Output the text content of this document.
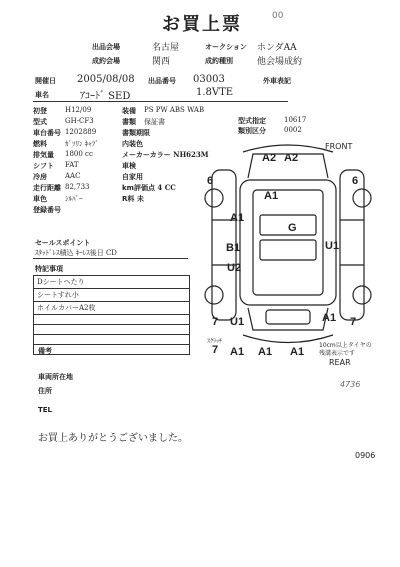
お買上票	00
出品会場	名古屋	オークション ホンダAA
成約会場	関西	成約種別	他会場成約
開催日 2005/08/08 出品番号 03003	外車表記
車名	ｱｺｰﾄﾞ SED	1.8VTE
初登	H12/09
型式	GH-CF3
車台番号 1202889
燃料	ｶﾞｿﾘﾝ ｷｬﾌﾞ
排気量	1800 cc
シフト	FAT
冷房	AAC
走行距離 82,733
車色	ｼﾙﾊﾞｰ
登録番号
装備	PS PW ABS WAB
書類	保証書
書類期限
内装色
メーカーカラー NH623M
車検
自家用
km評価点 4 CC
R料 未
型式指定	10617
類別区分	0002
FRONT
REAR
A2 A2
A1
G
A1
B1	U1
U2
U1	A1
A1 A1 A1
ｽｸﾗｯﾁ
6	6
7	7
7	10cm以上タイヤの
残溝表示です
セールスポイント
ｽﾀｯﾄﾞﾚｽ積込 ｷｰﾚｽ後日 CD
特記事項
Dシートへたり
シートすれ小
ホイルカバーA2枚
備考
車両所在地
住所
TEL
4736
お買上ありがとうございました。
0906
